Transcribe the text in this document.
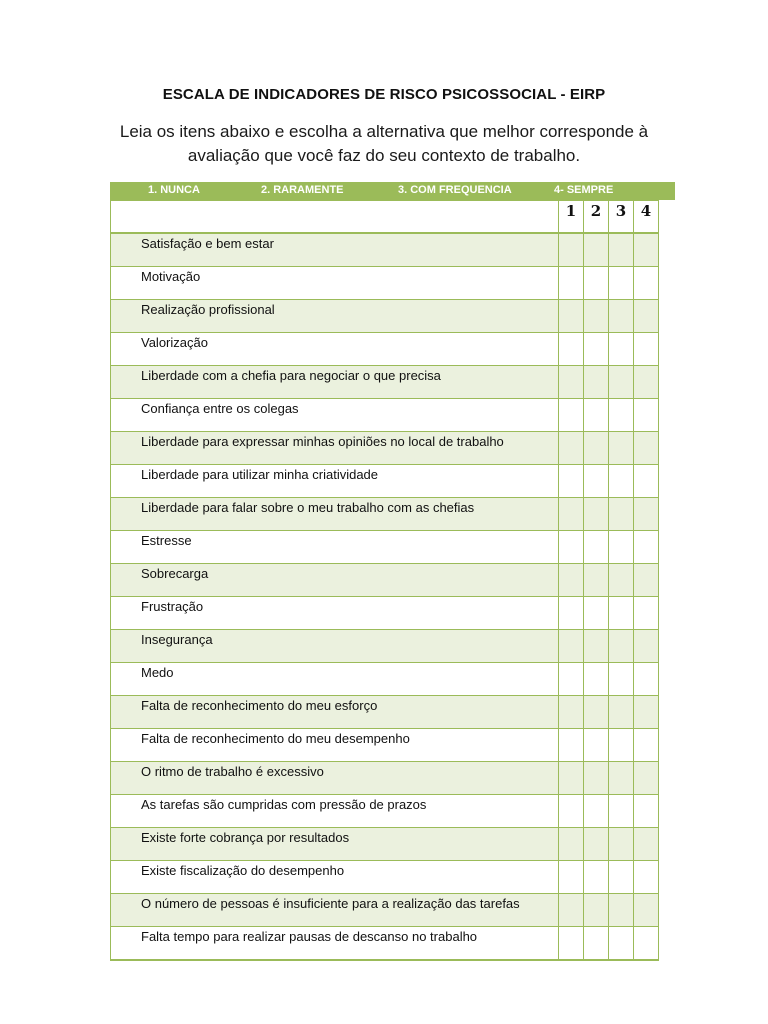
ESCALA DE INDICADORES DE RISCO PSICOSSOCIAL - EIRP
Leia os itens abaixo e escolha a alternativa que melhor corresponde à avaliação que você faz do seu contexto de trabalho.
1. NUNCA	2. RARAMENTE	3. COM FREQUENCIA	4- SEMPRE
	1	2	3	4
Satisfação e bem estar				
Motivação				
Realização profissional				
Valorização				
Liberdade com a chefia para negociar o que precisa				
Confiança entre os colegas				
Liberdade para expressar minhas opiniões no local de trabalho				
Liberdade para utilizar minha criatividade				
Liberdade para falar sobre o meu trabalho com as chefias				
Estresse				
Sobrecarga				
Frustração				
Insegurança				
Medo				
Falta de reconhecimento do meu esforço				
Falta de reconhecimento do meu desempenho				
O ritmo de trabalho é excessivo				
As tarefas são cumpridas com pressão de prazos				
Existe forte cobrança por resultados				
Existe fiscalização do desempenho				
O número de pessoas é insuficiente para a realização das tarefas				
Falta tempo para realizar pausas de descanso no trabalho				
